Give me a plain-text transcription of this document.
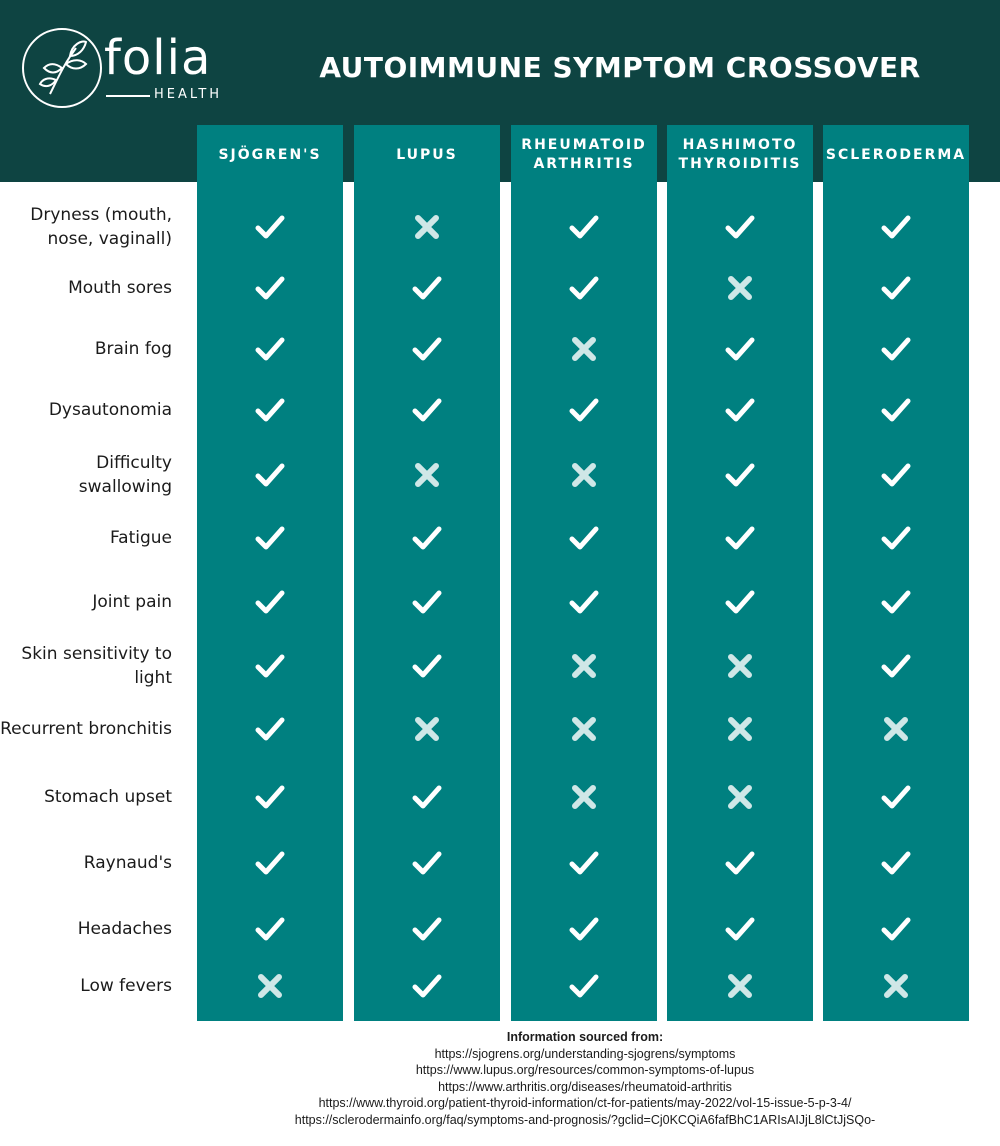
folia
HEALTH
AUTOIMMUNE SYMPTOM CROSSOVER
SJÖGREN'S	LUPUS
RHEUMATOID ARTHRITIS
HASHIMOTO THYROIDITIS
SCLERODERMA
Dryness (mouth, nose, vaginall)
Mouth sores
Brain fog
Dysautonomia
Difficulty swallowing
Fatigue
Joint pain
Skin sensitivity to light
Recurrent bronchitis
Stomach upset
Raynaud's
Headaches
Low fevers
Information sourced from:
https://sjogrens.org/understanding-sjogrens/symptoms
https://www.lupus.org/resources/common-symptoms-of-lupus
https://www.arthritis.org/diseases/rheumatoid-arthritis
https://www.thyroid.org/patient-thyroid-information/ct-for-patients/may-2022/vol-15-issue-5-p-3-4/
https://sclerodermainfo.org/faq/symptoms-and-prognosis/?gclid=Cj0KCQiA6fafBhC1ARIsAIJjL8lCtJjSQo-
